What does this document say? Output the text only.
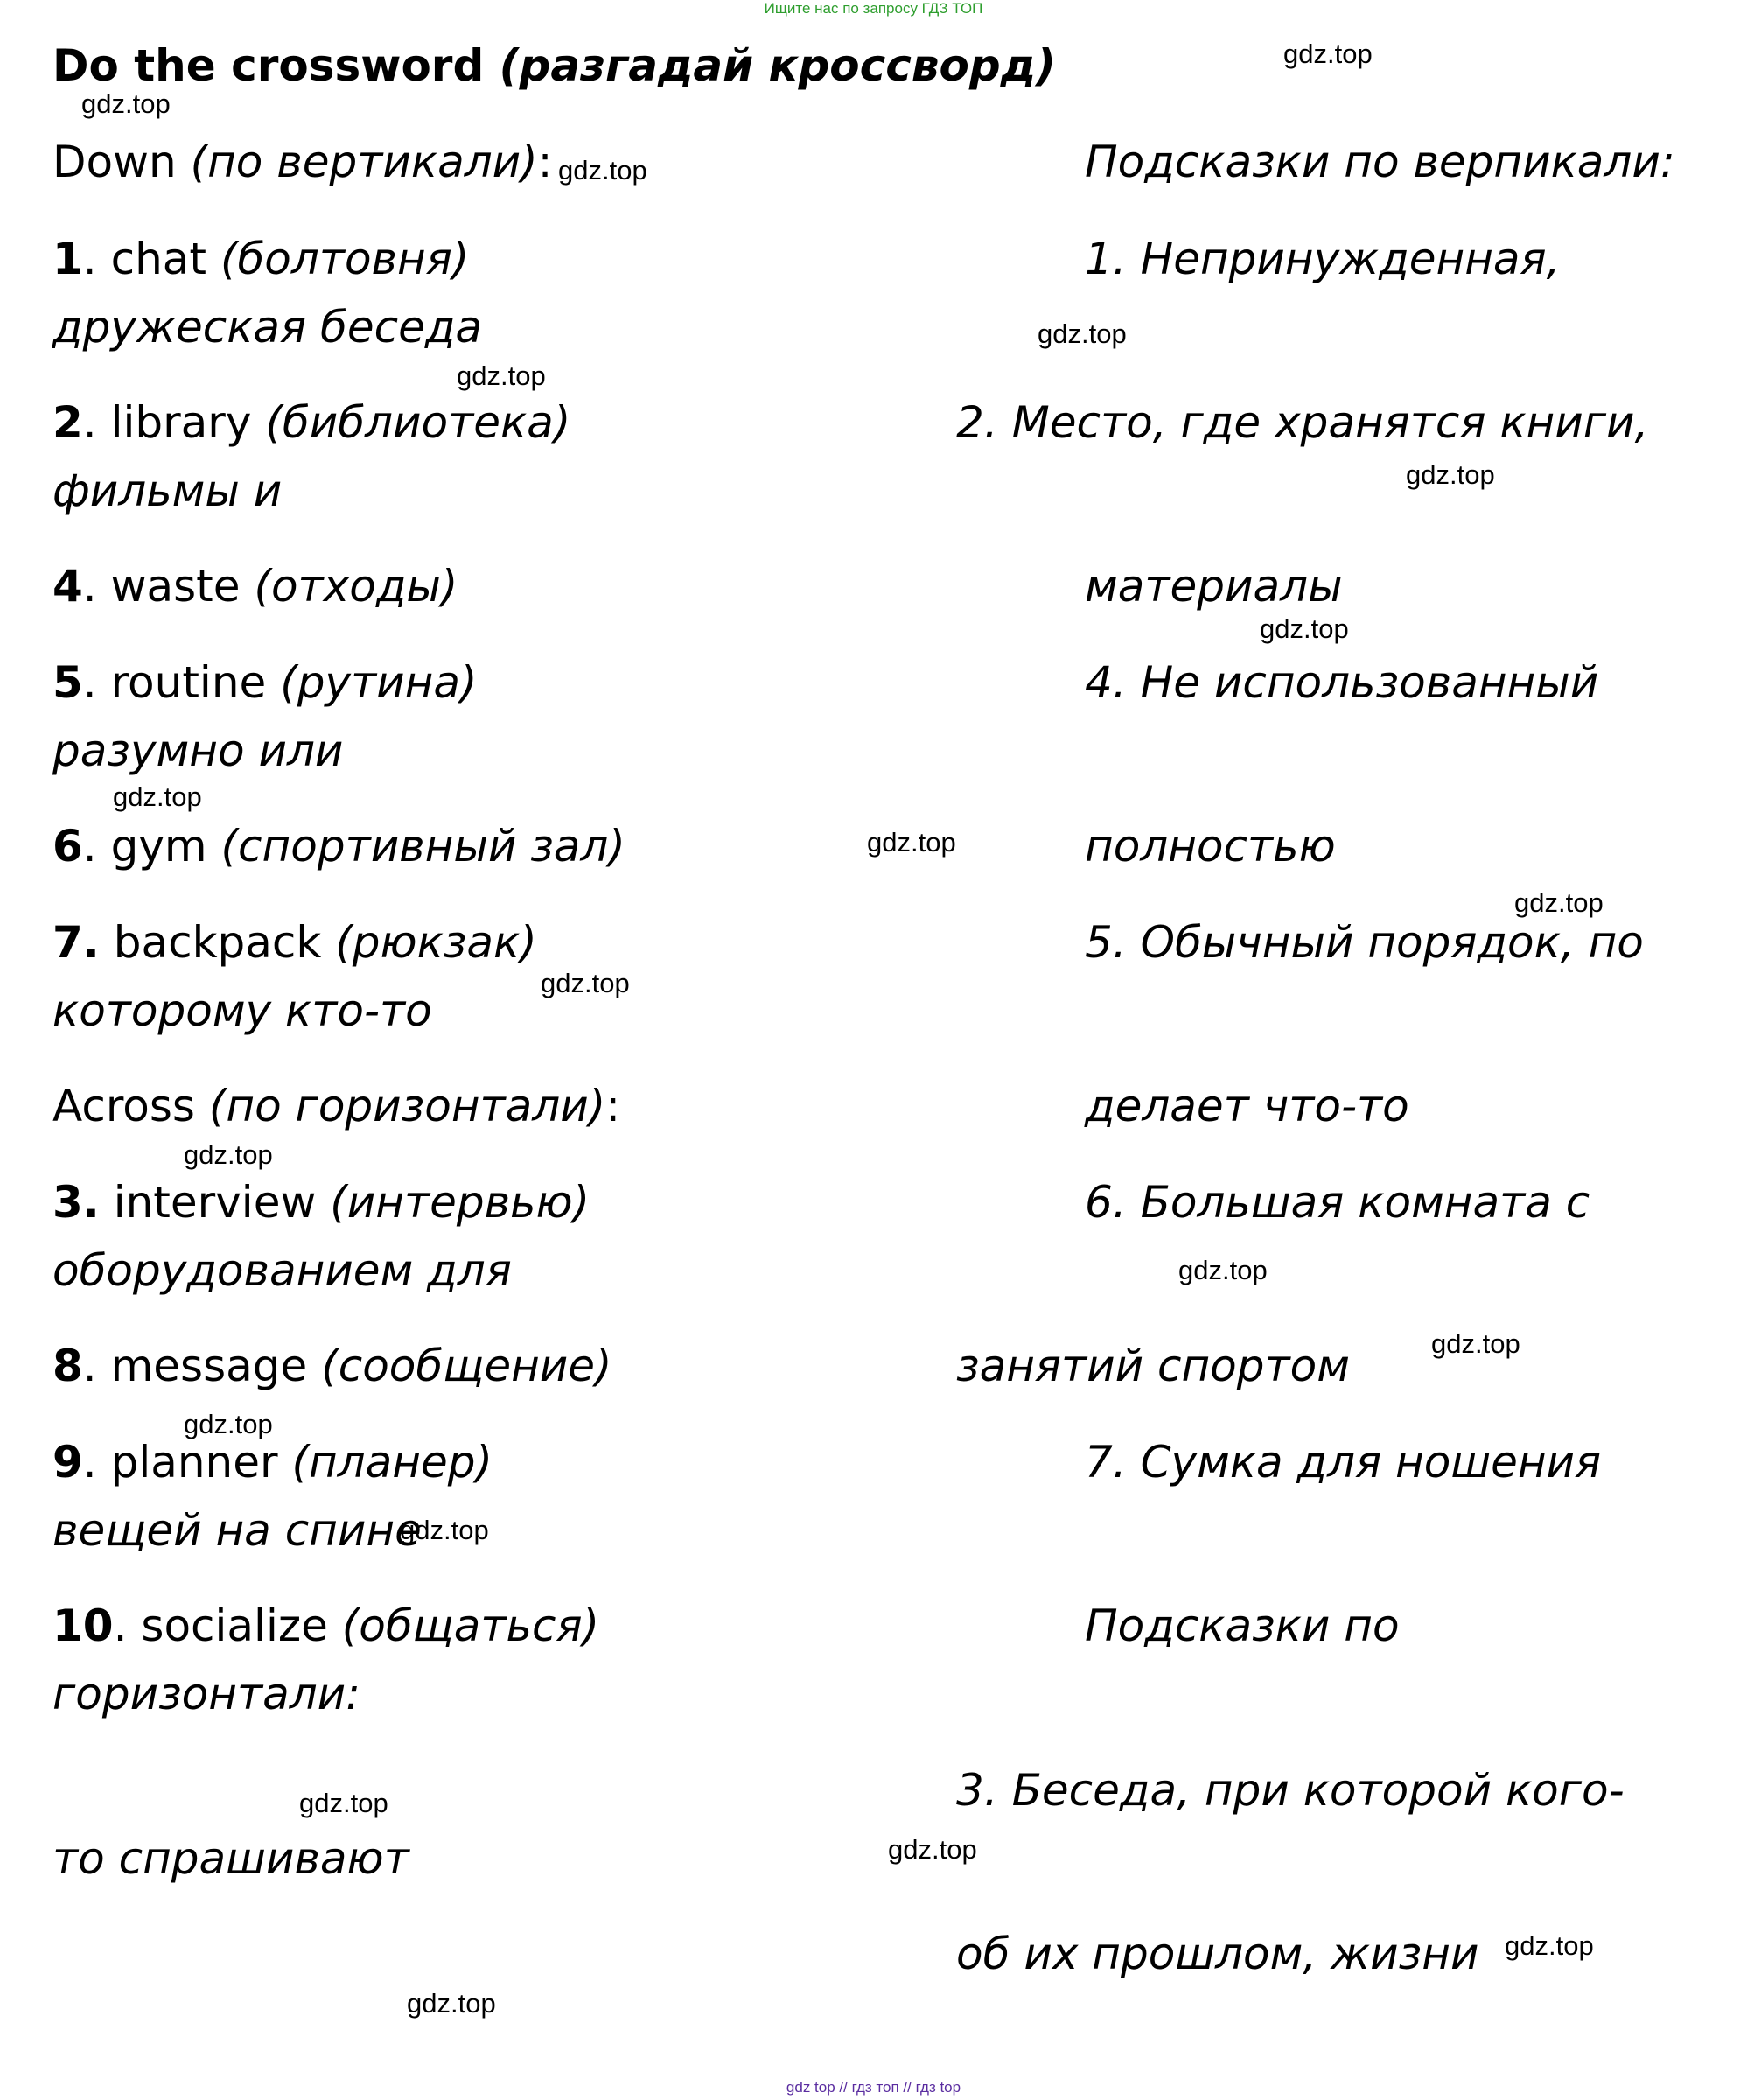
Ищите нас по запросу ГДЗ ТОП
Do the crossword (разгадай кроссворд)
Down (по вертикали):
1. chat (болтовня)
дружеская беседа
2. library (библиотека)
фильмы и
4. waste (отходы)
5. routine (рутина)
разумно или
6. gym (спортивный зал)
7. backpack (рюкзак)
которому кто-то
Across (по горизонтали):
3. interview (интервью)
оборудованием для
8. message (сообщение)
9. planner (планер)
вещей на спине
10. socialize (общаться)
горизонтали:
то спрашивают
Подсказки по верпикали:
1. Непринужденная,
2. Место, где хранятся книги,
материалы
4. Не использованный
полностью
5. Обычный порядок, по
делает что-то
6. Большая комната с
занятий спортом
7. Сумка для ношения
Подсказки по
3. Беседа, при которой кого-
об их прошлом, жизни
gdz.top
gdz.top
gdz.top
gdz.top
gdz.top
gdz.top
gdz.top
gdz.top
gdz.top
gdz.top
gdz.top
gdz.top
gdz.top
gdz.top
gdz.top
gdz.top
gdz.top
gdz.top
gdz.top
gdz.top
gdz top // гдз топ // гдз top
